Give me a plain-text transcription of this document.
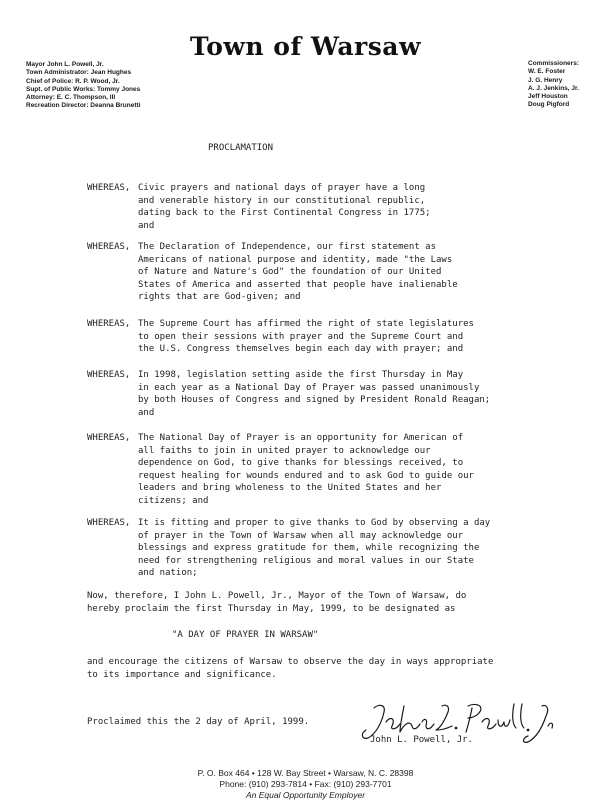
Town of Warsaw
Mayor John L. Powell, Jr.
Town Administrator: Jean Hughes
Chief of Police: R. P. Wood, Jr.
Supt. of Public Works: Tommy Jones
Attorney: E. C. Thompson, III
Recreation Director: Deanna Brunetti
Commissioners:
W. E. Foster
J. G. Henry
A. J. Jenkins, Jr.
Jeff Houston
Doug Pigford
PROCLAMATION
WHEREAS, Civic prayers and national days of prayer have a long
and venerable history in our constitutional republic,
dating back to the First Continental Congress in 1775;
and
WHEREAS, The Declaration of Independence, our first statement as
Americans of national purpose and identity, made "the Laws
of Nature and Nature's God" the foundation of our United
States of America and asserted that people have inalienable
rights that are God-given; and
WHEREAS, The Supreme Court has affirmed the right of state legislatures
to open their sessions with prayer and the Supreme Court and
the U.S. Congress themselves begin each day with prayer; and
WHEREAS, In 1998, legislation setting aside the first Thursday in May
in each year as a National Day of Prayer was passed unanimously
by both Houses of Congress and signed by President Ronald Reagan;
and
WHEREAS, The National Day of Prayer is an opportunity for American of
all faiths to join in united prayer to acknowledge our
dependence on God, to give thanks for blessings received, to
request healing for wounds endured and to ask God to guide our
leaders and bring wholeness to the United States and her
citizens; and
WHEREAS, It is fitting and proper to give thanks to God by observing a day
of prayer in the Town of Warsaw when all may acknowledge our
blessings and express gratitude for them, while recognizing the
need for strengthening religious and moral values in our State
and nation;
Now, therefore, I John L. Powell, Jr., Mayor of the Town of Warsaw, do
hereby proclaim the first Thursday in May, 1999, to be designated as
"A DAY OF PRAYER IN WARSAW"
and encourage the citizens of Warsaw to observe the day in ways appropriate
to its importance and significance.
Proclaimed this the 2 day of April, 1999.
John L. Powell, Jr.
P. O. Box 464 • 128 W. Bay Street • Warsaw, N. C. 28398
Phone: (910) 293-7814 • Fax: (910) 293-7701
An Equal Opportunity Employer
